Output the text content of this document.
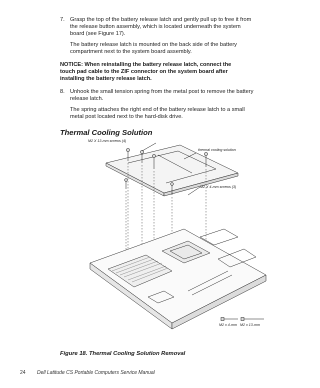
7. Grasp the top of the battery release latch and gently pull up to free it from

the release button assembly, which is located underneath the system

board (see Figure 17).

The battery release latch is mounted on the back side of the battery

compartment next to the system board assembly.

NOTICE: When reinstalling the battery release latch, connect the

touch pad cable to the ZIF connector on the system board after

installing the battery release latch.

8. Unhook the small tension spring from the metal post to remove the battery

release latch.

The spring attaches the right end of the battery release latch to a small

metal post located next to the hard-disk drive.

Thermal Cooling Solution
M2 X 13-mm screws (4)
thermal cooling solution
M2 X 4-mm screws (3)
M2 x 4-mm M2 x 13-mm

Figure 18. Thermal Cooling Solution Removal

24 Dell Latitude CS Portable Computers Service Manual
